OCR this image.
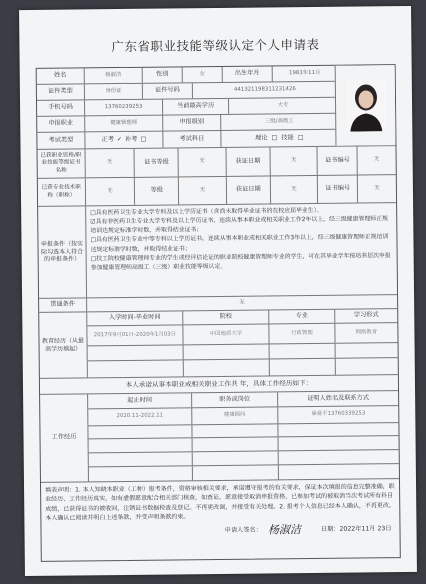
广东省职业技能等级认定个人申请表
姓名	杨淑洁	性别	女	出生年月	1983年11月
证件类型	身份证	证件号码	441321198311231426
手机号码	13760239253	当前最高学历	大专
申报职业	健康管理师	申报级别	三级/高级工
考试类型	正考 ✓ 补考 □	考试科目	理论 □ 技能 □
已获职业资格/职业技能等级证书名称
无	证书等级	无	获证日期	无	证书编号	无
已获专业技术职称（职称）
无	等级	无	获证日期	无	证书编号	无
申报条件（按实际勾选本人符合的申报条件）
□具有医药卫生专业大学专科及以上学历证书（含尚未取得毕业证书的在校应届毕业生）。
☑具有非医药卫生专业大学专科及以上学历证书，连续从事本职业或相关职业工作2年以上，经三级健康管理师正规培训达规定标准学时数，并取得结业证书；
□具有医药卫生专业中等专科以上学历证书，连续从事本职业或相关职业工作3年以上，经三级健康管理师正规培训达规定标准学时数，并取得结业证书；
□技工院校健康管理师专业的学生或经评估论证的职业院校健康管理师专业的学生，可在其毕业学年按培养层次申报参加健康管理师高级工（三级）职业技能等级认定。
贯通条件	无
教育经历（从最高学历填起）
入学时间-毕业时间	院校	专业	学习形式
2017年9月01日-2020年1月03日	中国地质大学	行政管理	网络教育
本人承诺从事本职业或相关职业工作共 年，具体工作经历如下：
工作经历
起止时间	职务或岗位	证明人姓名及联系方式
2020.11-2022.11	健康顾问	巢爱平13760339253
填表声明：1. 本人知晓本职业（工种）报考条件，资格审核相关要求，承诺遵守报考的有关要求，保证本次填报的信息完整准确，职业经历、工作经历真实，如有虚假愿意配合相关部门核查，如查证，愿意接受取消申报资格，已参加考试的被取消当次考试所有科目成绩，已获得证书的被收回，注销证书数据检查及登记。不再更改调，并接受有关处理。2. 报考个人信息已经本人确认，不再更改。本人确认已阅读并明白上述条款，并受声明条款约束。
申请人签名： 杨淑洁	日期：2022年11月 23日
